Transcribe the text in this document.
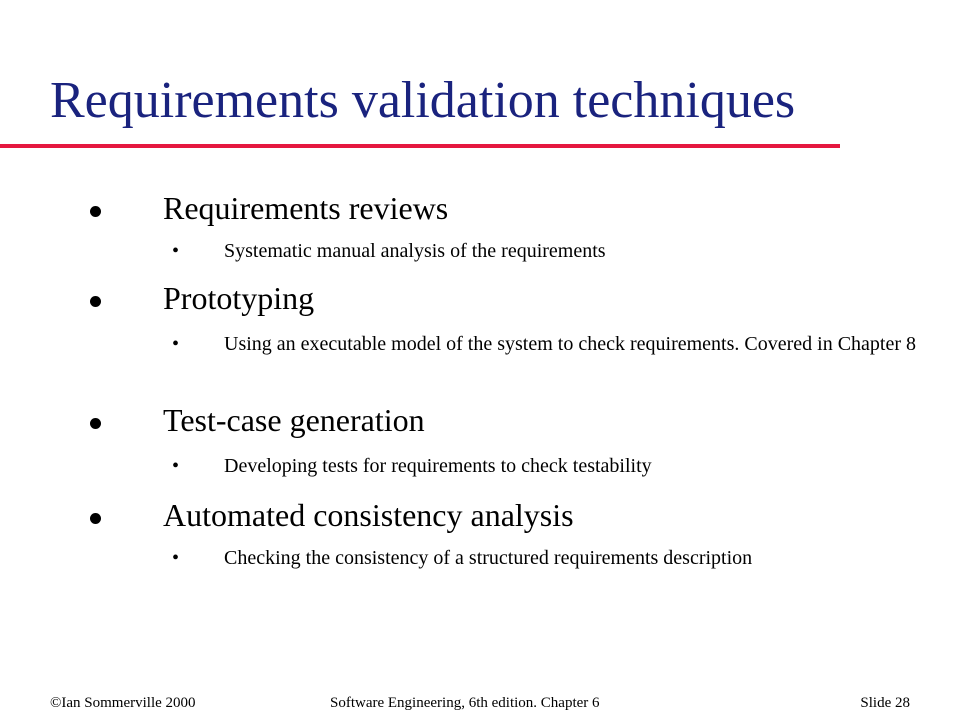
Requirements validation techniques
Requirements reviews
• Systematic manual analysis of the requirements
Prototyping
• Using an executable model of the system to check requirements. Covered in Chapter 8
Test-case generation
• Developing tests for requirements to check testability
Automated consistency analysis
• Checking the consistency of a structured requirements description
©Ian Sommerville 2000	Software Engineering, 6th edition. Chapter 6	Slide 28
